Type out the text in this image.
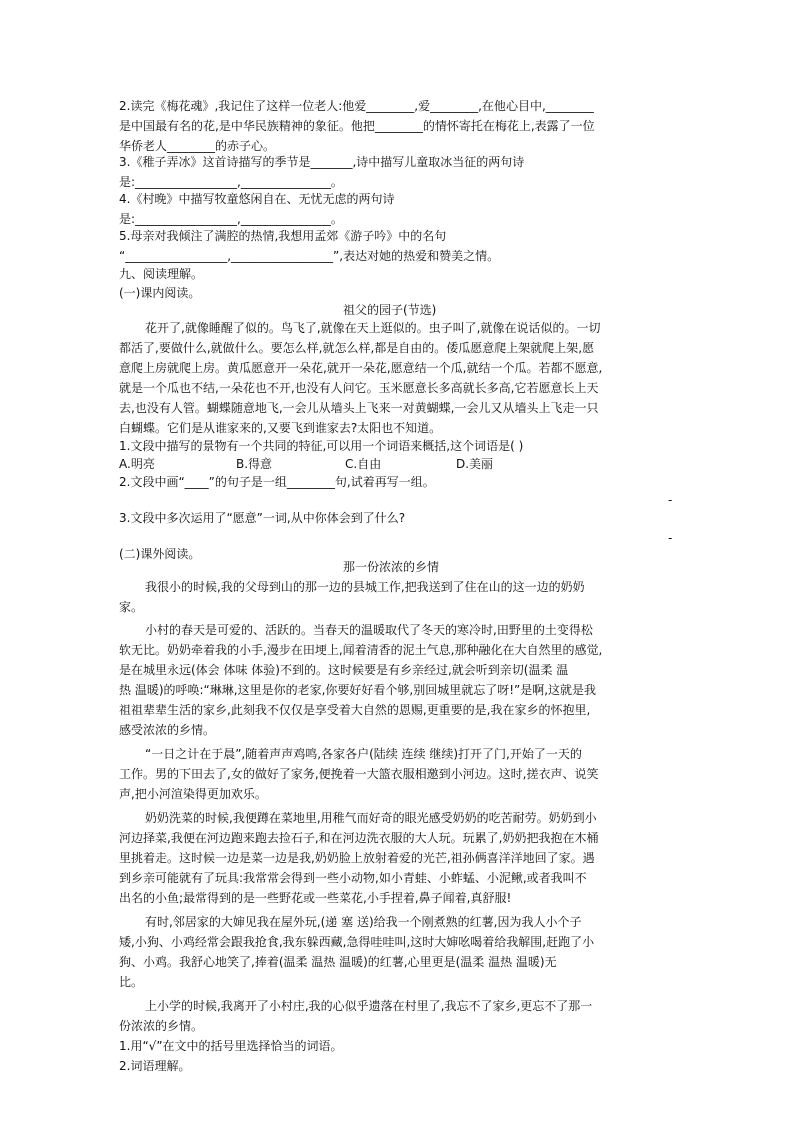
2.读完《梅花魂》,我记住了这样一位老人:他爱________,爱________,在他心目中,________
是中国最有名的花,是中华民族精神的象征。他把________的情怀寄托在梅花上,表露了一位
华侨老人________的赤子心。
3.《稚子弄冰》这首诗描写的季节是_______,诗中描写儿童取冰当征的两句诗
是:_________________,_______________。
4.《村晚》中描写牧童悠闲自在、无忧无虑的两句诗
是:_________________,_______________。
5.母亲对我倾注了满腔的热情,我想用孟郊《游子吟》中的名句
“_________________,_________________”,表达对她的热爱和赞美之情。
九、阅读理解。
(一)课内阅读。
祖父的园子(节选)
花开了,就像睡醒了似的。鸟飞了,就像在天上逛似的。虫子叫了,就像在说话似的。一切
都活了,要做什么,就做什么。要怎么样,就怎么样,都是自由的。倭瓜愿意爬上架就爬上架,愿
意爬上房就爬上房。黄瓜愿意开一朵花,就开一朵花,愿意结一个瓜,就结一个瓜。若都不愿意,
就是一个瓜也不结,一朵花也不开,也没有人问它。玉米愿意长多高就长多高,它若愿意长上天
去,也没有人管。蝴蝶随意地飞,一会儿从墙头上飞来一对黄蝴蝶,一会儿又从墙头上飞走一只
白蝴蝶。它们是从谁家来的,又要飞到谁家去?太阳也不知道。
1.文段中描写的景物有一个共同的特征,可以用一个词语来概括,这个词语是( )
A.明亮	B.得意	C.自由	D.美丽
2.文段中画“____”的句子是一组________句,试着再写一组。
-
3.文段中多次运用了“愿意”一词,从中你体会到了什么?
-
(二)课外阅读。
那一份浓浓的乡情
我很小的时候,我的父母到山的那一边的县城工作,把我送到了住在山的这一边的奶奶
家。
小村的春天是可爱的、活跃的。当春天的温暖取代了冬天的寒冷时,田野里的土变得松
软无比。奶奶牵着我的小手,漫步在田埂上,闻着清香的泥土气息,那种融化在大自然里的感觉,
是在城里永远(体会 体味 体验)不到的。这时候要是有乡亲经过,就会听到亲切(温柔 温
热 温暖)的呼唤:“琳琳,这里是你的老家,你要好好看个够,别回城里就忘了呀!”是啊,这就是我
祖祖辈辈生活的家乡,此刻我不仅仅是享受着大自然的恩赐,更重要的是,我在家乡的怀抱里,
感受浓浓的乡情。
“一日之计在于晨”,随着声声鸡鸣,各家各户(陆续 连续 继续)打开了门,开始了一天的
工作。男的下田去了,女的做好了家务,便挽着一大篮衣服相邀到小河边。这时,搓衣声、说笑
声,把小河渲染得更加欢乐。
奶奶洗菜的时候,我便蹲在菜地里,用稚气而好奇的眼光感受奶奶的吃苦耐劳。奶奶到小
河边择菜,我便在河边跑来跑去捡石子,和在河边洗衣服的大人玩。玩累了,奶奶把我抱在木桶
里挑着走。这时候一边是菜一边是我,奶奶脸上放射着爱的光芒,祖孙俩喜洋洋地回了家。遇
到乡亲可能就有了玩具:我常常会得到一些小动物,如小青蛙、小蚱蜢、小泥鳅,或者我叫不
出名的小鱼;最常得到的是一些野花或一些菜花,小手捏着,鼻子闻着,真舒服!
有时,邻居家的大婶见我在屋外玩,(递 塞 送)给我一个刚煮熟的红薯,因为我人小个子
矮,小狗、小鸡经常会跟我抢食,我东躲西藏,急得哇哇叫,这时大婶吆喝着给我解围,赶跑了小
狗、小鸡。我舒心地笑了,捧着(温柔 温热 温暖)的红薯,心里更是(温柔 温热 温暖)无
比。
上小学的时候,我离开了小村庄,我的心似乎遗落在村里了,我忘不了家乡,更忘不了那一
份浓浓的乡情。
1.用“√”在文中的括号里选择恰当的词语。
2.词语理解。
